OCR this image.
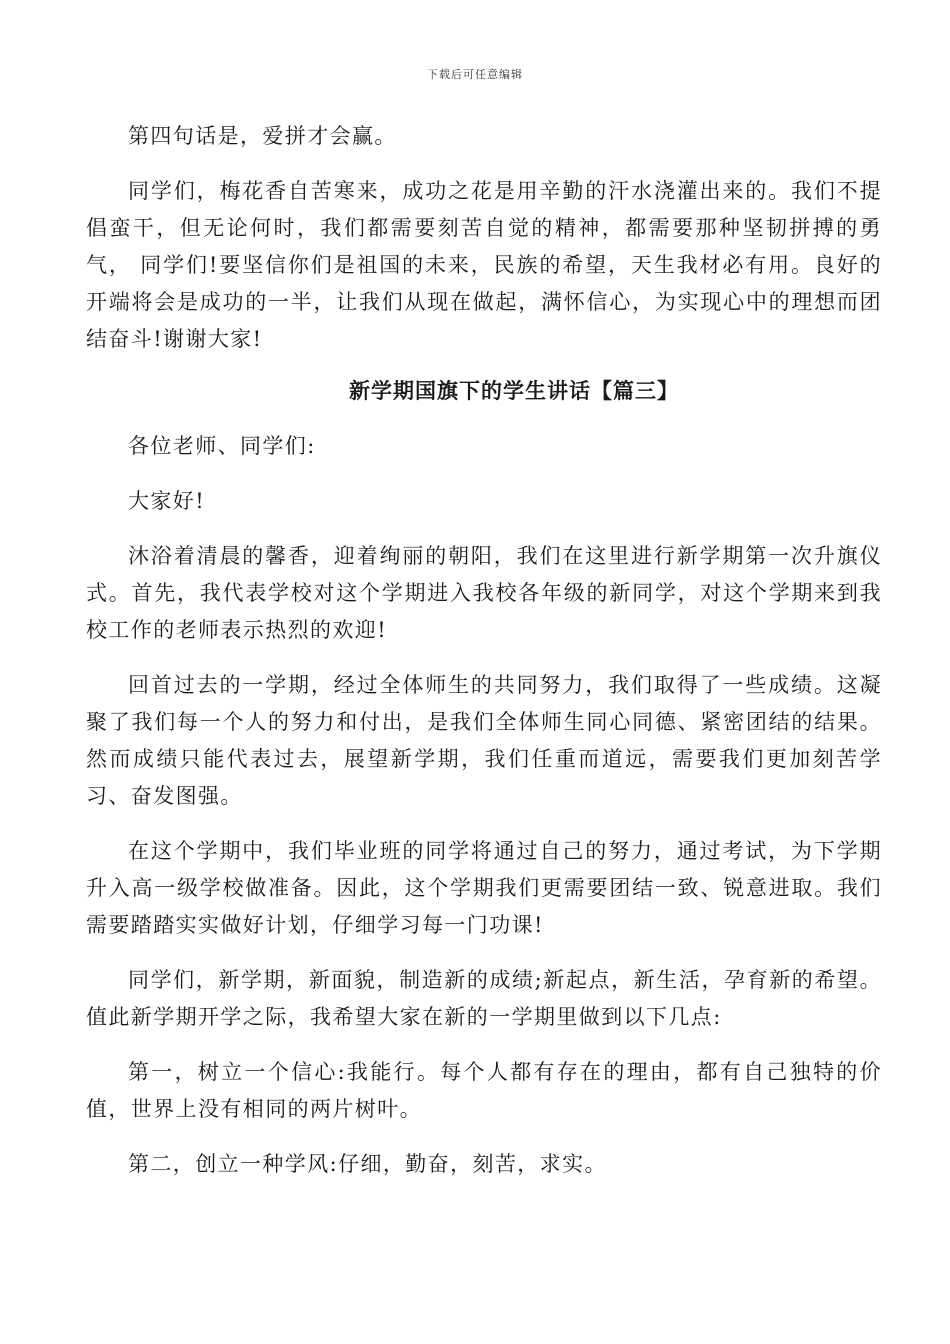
下载后可任意编辑

第四句话是，爱拼才会赢。

同学们，梅花香自苦寒来，成功之花是用辛勤的汗水浇灌出来的。我们不提倡蛮干，但无论何时，我们都需要刻苦自觉的精神，都需要那种坚韧拼搏的勇气， 同学们!要坚信你们是祖国的未来，民族的希望，天生我材必有用。良好的开端将会是成功的一半，让我们从现在做起，满怀信心，为实现心中的理想而团结奋斗!谢谢大家!

新学期国旗下的学生讲话【篇三】

各位老师、同学们:

大家好!

沐浴着清晨的馨香，迎着绚丽的朝阳，我们在这里进行新学期第一次升旗仪式。首先，我代表学校对这个学期进入我校各年级的新同学，对这个学期来到我校工作的老师表示热烈的欢迎!

回首过去的一学期，经过全体师生的共同努力，我们取得了一些成绩。这凝聚了我们每一个人的努力和付出，是我们全体师生同心同德、紧密团结的结果。然而成绩只能代表过去，展望新学期，我们任重而道远，需要我们更加刻苦学习、奋发图强。

在这个学期中，我们毕业班的同学将通过自己的努力，通过考试，为下学期升入高一级学校做准备。因此，这个学期我们更需要团结一致、锐意进取。我们需要踏踏实实做好计划，仔细学习每一门功课!

同学们，新学期，新面貌，制造新的成绩;新起点，新生活，孕育新的希望。值此新学期开学之际，我希望大家在新的一学期里做到以下几点:

第一，树立一个信心:我能行。每个人都有存在的理由，都有自己独特的价值，世界上没有相同的两片树叶。

第二，创立一种学风:仔细，勤奋，刻苦，求实。
